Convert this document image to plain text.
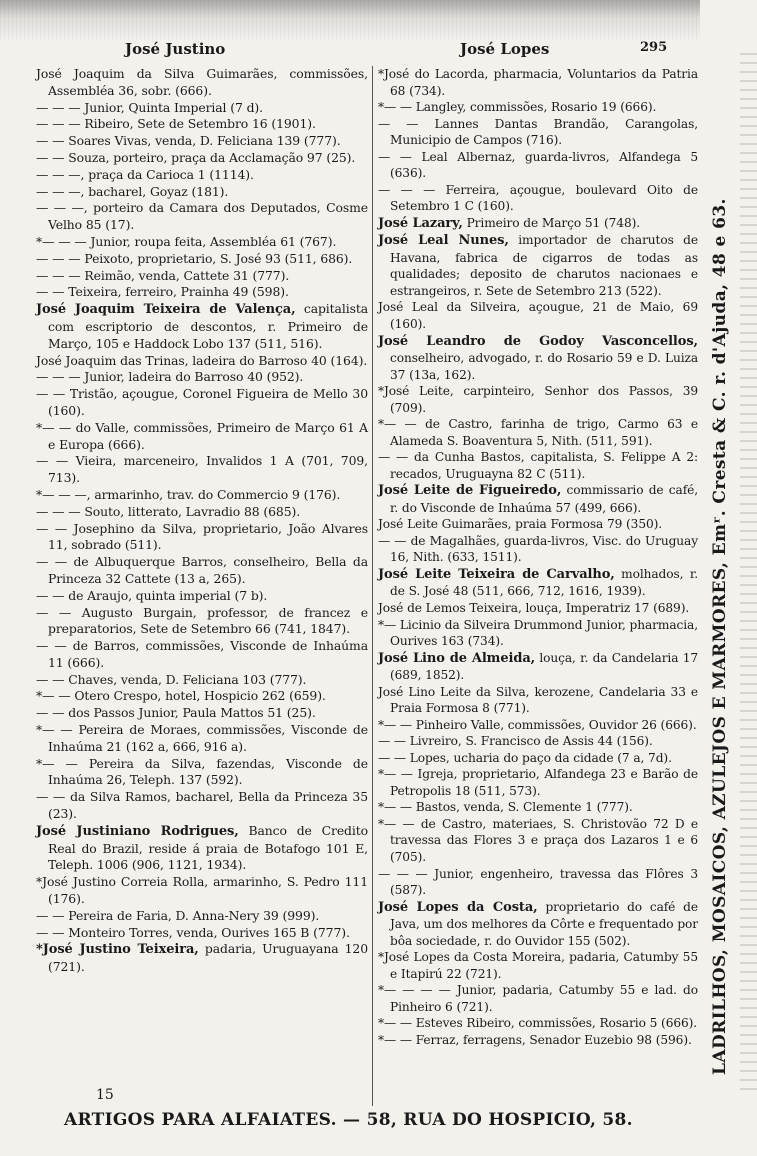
José Justino	José Lopes	295
José Joaquim da Silva Guimarães, commissões, Assembléa 36, sobr. (666).
— — — Junior, Quinta Imperial (7 d).
— — — Ribeiro, Sete de Setembro 16 (1901).
— — Soares Vivas, venda, D. Feliciana 139 (777).
— — Souza, porteiro, praça da Acclamação 97 (25).
— — —, praça da Carioca 1 (1114).
— — —, bacharel, Goyaz (181).
— — —, porteiro da Camara dos Deputados, Cosme Velho 85 (17).
*— — — Junior, roupa feita, Assembléa 61 (767).
— — — Peixoto, proprietario, S. José 93 (511, 686).
— — — Reimão, venda, Cattete 31 (777).
— — Teixeira, ferreiro, Prainha 49 (598).
José Joaquim Teixeira de Valença, capitalista com escriptorio de descontos, r. Primeiro de Março, 105 e Haddock Lobo 137 (511, 516).
José Joaquim das Trinas, ladeira do Barroso 40 (164).
— — — Junior, ladeira do Barroso 40 (952).
— — Tristão, açougue, Coronel Figueira de Mello 30 (160).
*— — do Valle, commissões, Primeiro de Março 61 A e Europa (666).
— — Vieira, marceneiro, Invalidos 1 A (701, 709, 713).
*— — —, armarinho, trav. do Commercio 9 (176).
— — — Souto, litterato, Lavradio 88 (685).
— — Josephino da Silva, proprietario, João Alvares 11, sobrado (511).
— — de Albuquerque Barros, conselheiro, Bella da Princeza 32 Cattete (13 a, 265).
— — de Araujo, quinta imperial (7 b).
— — Augusto Burgain, professor, de francez e preparatorios, Sete de Setembro 66 (741, 1847).
— — de Barros, commissões, Visconde de Inhaúma 11 (666).
— — Chaves, venda, D. Feliciana 103 (777).
*— — Otero Crespo, hotel, Hospicio 262 (659).
— — dos Passos Junior, Paula Mattos 51 (25).
*— — Pereira de Moraes, commissões, Visconde de Inhaúma 21 (162 a, 666, 916 a).
*— — Pereira da Silva, fazendas, Visconde de Inhaúma 26, Teleph. 137 (592).
— — da Silva Ramos, bacharel, Bella da Princeza 35 (23).
José Justiniano Rodrigues, Banco de Credito Real do Brazil, reside á praia de Botafogo 101 E, Teleph. 1006 (906, 1121, 1934).
*José Justino Correia Rolla, armarinho, S. Pedro 111 (176).
— — Pereira de Faria, D. Anna-Nery 39 (999).
— — Monteiro Torres, venda, Ourives 165 B (777).
*José Justino Teixeira, padaria, Uruguayana 120 (721).
*José do Lacorda, pharmacia, Voluntarios da Patria 68 (734).
*— — Langley, commissões, Rosario 19 (666).
— — Lannes Dantas Brandão, Carangolas, Municipio de Campos (716).
— — Leal Albernaz, guarda-livros, Alfandega 5 (636).
— — — Ferreira, açougue, boulevard Oito de Setembro 1 C (160).
José Lazary, Primeiro de Março 51 (748).
José Leal Nunes, importador de charutos de Havana, fabrica de cigarros de todas as qualidades; deposito de charutos nacionaes e estrangeiros, r. Sete de Setembro 213 (522).
José Leal da Silveira, açougue, 21 de Maio, 69 (160).
José Leandro de Godoy Vasconcellos, conselheiro, advogado, r. do Rosario 59 e D. Luiza 37 (13a, 162).
*José Leite, carpinteiro, Senhor dos Passos, 39 (709).
*— — de Castro, farinha de trigo, Carmo 63 e Alameda S. Boaventura 5, Nith. (511, 591).
— — da Cunha Bastos, capitalista, S. Felippe A 2: recados, Uruguayna 82 C (511).
José Leite de Figueiredo, commissario de café, r. do Visconde de Inhaúma 57 (499, 666).
José Leite Guimarães, praia Formosa 79 (350).
— — de Magalhães, guarda-livros, Visc. do Uruguay 16, Nith. (633, 1511).
José Leite Teixeira de Carvalho, molhados, r. de S. José 48 (511, 666, 712, 1616, 1939).
José de Lemos Teixeira, louça, Imperatriz 17 (689).
*— Licinio da Silveira Drummond Junior, pharmacia, Ourives 163 (734).
José Lino de Almeida, louça, r. da Candelaria 17 (689, 1852).
José Lino Leite da Silva, kerozene, Candelaria 33 e Praia Formosa 8 (771).
*— — Pinheiro Valle, commissões, Ouvidor 26 (666).
— — Livreiro, S. Francisco de Assis 44 (156).
— — Lopes, ucharia do paço da cidade (7 a, 7d).
*— — Igreja, proprietario, Alfandega 23 e Barão de Petropolis 18 (511, 573).
*— — Bastos, venda, S. Clemente 1 (777).
*— — de Castro, materiaes, S. Christovão 72 D e travessa das Flores 3 e praça dos Lazaros 1 e 6 (705).
— — — Junior, engenheiro, travessa das Flôres 3 (587).
José Lopes da Costa, proprietario do café de Java, um dos melhores da Côrte e frequentado por bôa sociedade, r. do Ouvidor 155 (502).
*José Lopes da Costa Moreira, padaria, Catumby 55 e Itapirú 22 (721).
*— — — — Junior, padaria, Catumby 55 e lad. do Pinheiro 6 (721).
*— — Esteves Ribeiro, commissões, Rosario 5 (666).
*— — Ferraz, ferragens, Senador Euzebio 98 (596).
15
ARTIGOS PARA ALFAIATES. — 58, RUA DO HOSPICIO, 58.
LADRILHOS, MOSAICOS, AZULEJOS E MARMORES, Emʳ. Cresta & C. r. d'Ajuda, 48 e 63.
